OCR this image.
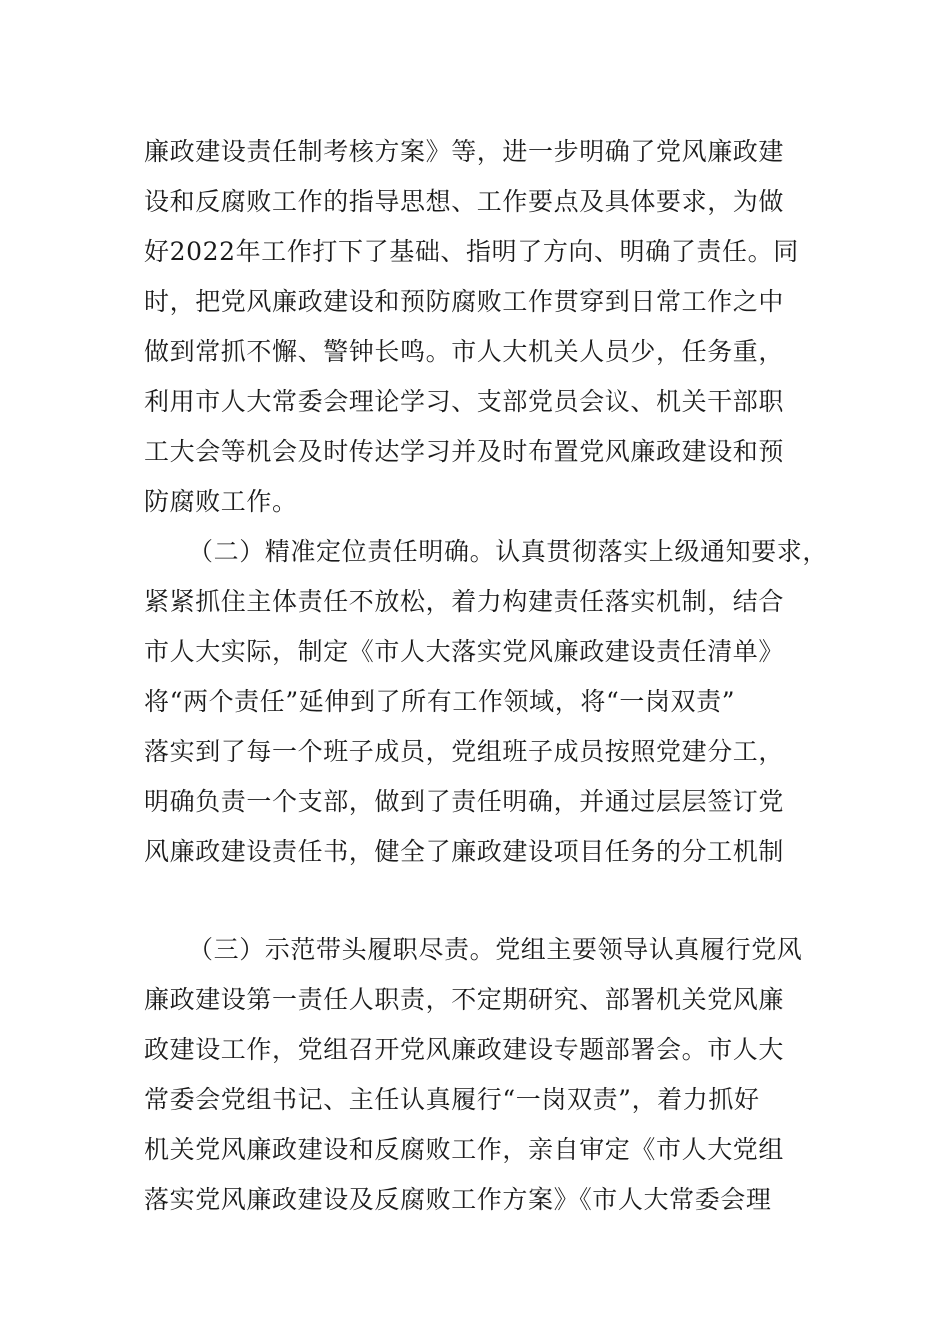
廉政建设责任制考核方案》等，进一步明确了党风廉政建
设和反腐败工作的指导思想、工作要点及具体要求，为做
好2022年工作打下了基础、指明了方向、明确了责任。同
时，把党风廉政建设和预防腐败工作贯穿到日常工作之中
做到常抓不懈、警钟长鸣。市人大机关人员少，任务重，
利用市人大常委会理论学习、支部党员会议、机关干部职
工大会等机会及时传达学习并及时布置党风廉政建设和预
防腐败工作。
（二）精准定位责任明确。认真贯彻落实上级通知要求，
紧紧抓住主体责任不放松，着力构建责任落实机制，结合
市人大实际，制定《市人大落实党风廉政建设责任清单》
将“两个责任”延伸到了所有工作领域，将“一岗双责”
落实到了每一个班子成员，党组班子成员按照党建分工，
明确负责一个支部，做到了责任明确，并通过层层签订党
风廉政建设责任书，健全了廉政建设项目任务的分工机制
（三）示范带头履职尽责。党组主要领导认真履行党风
廉政建设第一责任人职责，不定期研究、部署机关党风廉
政建设工作，党组召开党风廉政建设专题部署会。市人大
常委会党组书记、主任认真履行“一岗双责”，着力抓好
机关党风廉政建设和反腐败工作，亲自审定《市人大党组
落实党风廉政建设及反腐败工作方案》《市人大常委会理
